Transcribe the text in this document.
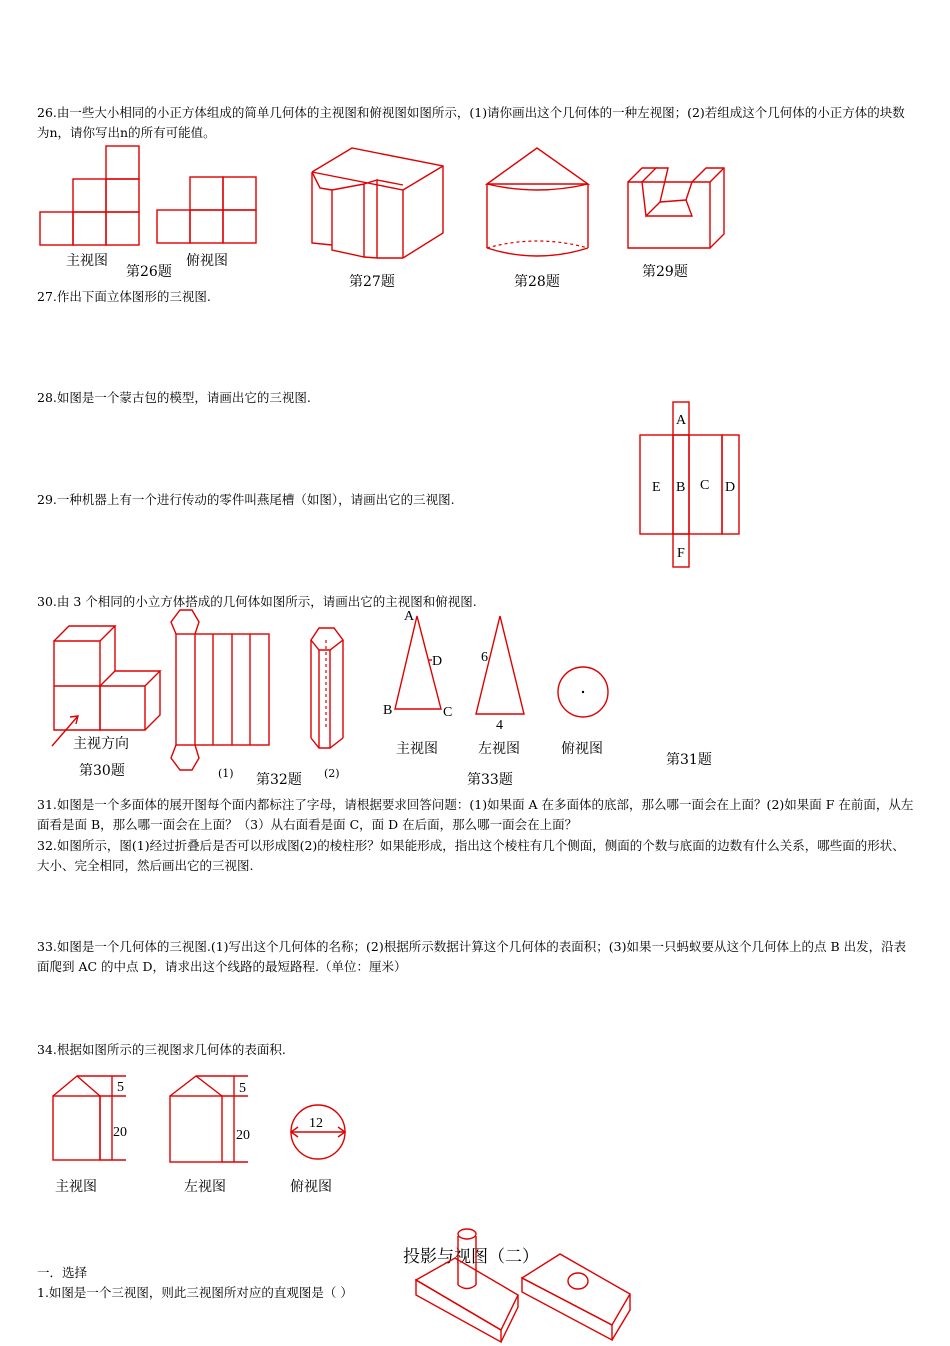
26.由一些大小相同的小正方体组成的简单几何体的主视图和俯视图如图所示，(1)请你画出这个几何体的一种左视图；(2)若组成这个几何体的小正方体的块数为n，请你写出n的所有可能值。
27.作出下面立体图形的三视图.
28.如图是一个蒙古包的模型，请画出它的三视图.
29.一种机器上有一个进行传动的零件叫燕尾槽（如图），请画出它的三视图.
30.由 3 个相同的小立方体搭成的几何体如图所示，请画出它的主视图和俯视图.
31.如图是一个多面体的展开图每个面内都标注了字母，请根据要求回答问题：(1)如果面 A 在多面体的底部，那么哪一面会在上面？(2)如果面 F 在前面，从左面看是面 B，那么哪一面会在上面？（3）从右面看是面 C，面 D 在后面，那么哪一面会在上面？
32.如图所示，图(1)经过折叠后是否可以形成图(2)的棱柱形？如果能形成，指出这个棱柱有几个侧面，侧面的个数与底面的边数有什么关系，哪些面的形状、大小、完全相同，然后画出它的三视图.
33.如图是一个几何体的三视图.(1)写出这个几何体的名称；(2)根据所示数据计算这个几何体的表面积；(3)如果一只蚂蚁要从这个几何体上的点 B 出发，沿表面爬到 AC 的中点 D，请求出这个线路的最短路程.（单位：厘米）
34.根据如图所示的三视图求几何体的表面积.
主视图	俯视图
第26题
第27题	第28题
第29题
主视方向
第30题	(1) 第32题 (2)
主视图	左视图	俯视图
第33题
第31题
主视图	左视图	俯视图
投影与视图（二）
一．选择
1.如图是一个三视图，则此三视图所对应的直观图是（ ）
A
B C D
E
F
A
D
B	C
6
4
5
20
5
20
12
